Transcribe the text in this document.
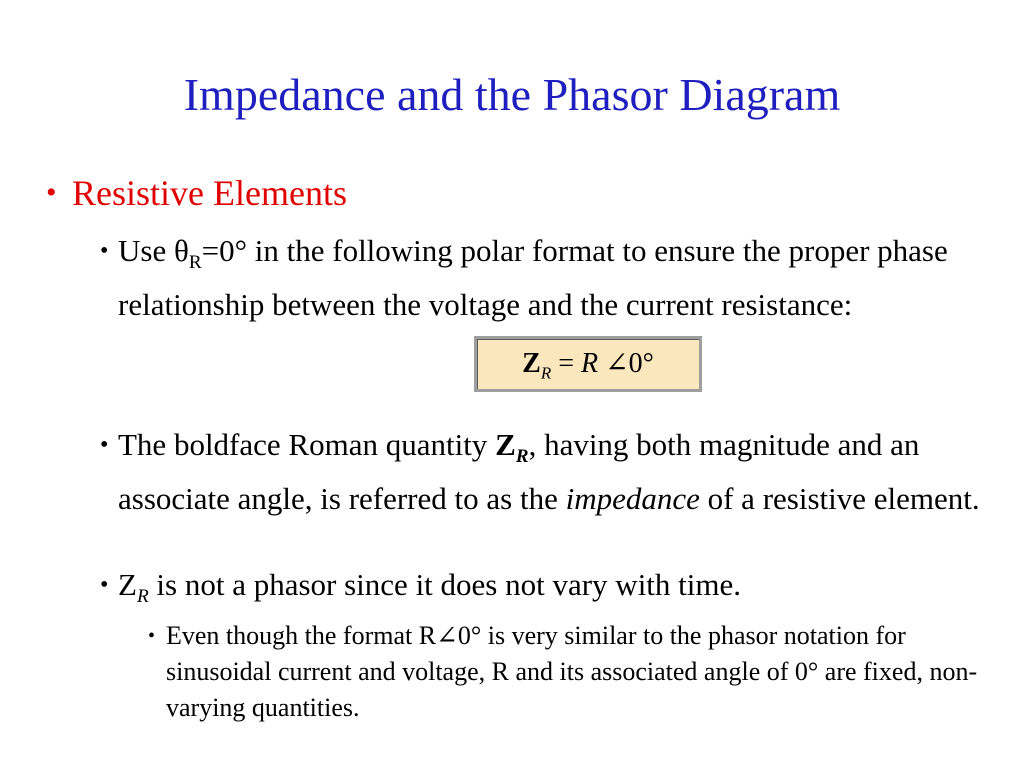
Impedance and the Phasor Diagram
• Resistive Elements
• Use $\theta_R=0^\circ$ in the following polar format to ensure the proper phase relationship between the voltage and the current resistance:
$Z_R = R$ ∠0°
• The boldface Roman quantity $Z_R$, having both magnitude and an associate angle, is referred to as the impedance of a resistive element.
• $Z_R$ is not a phasor since it does not vary with time.
• Even though the format R∠0° is very similar to the phasor notation for sinusoidal current and voltage, R and its associated angle of 0° are fixed, non-varying quantities.
